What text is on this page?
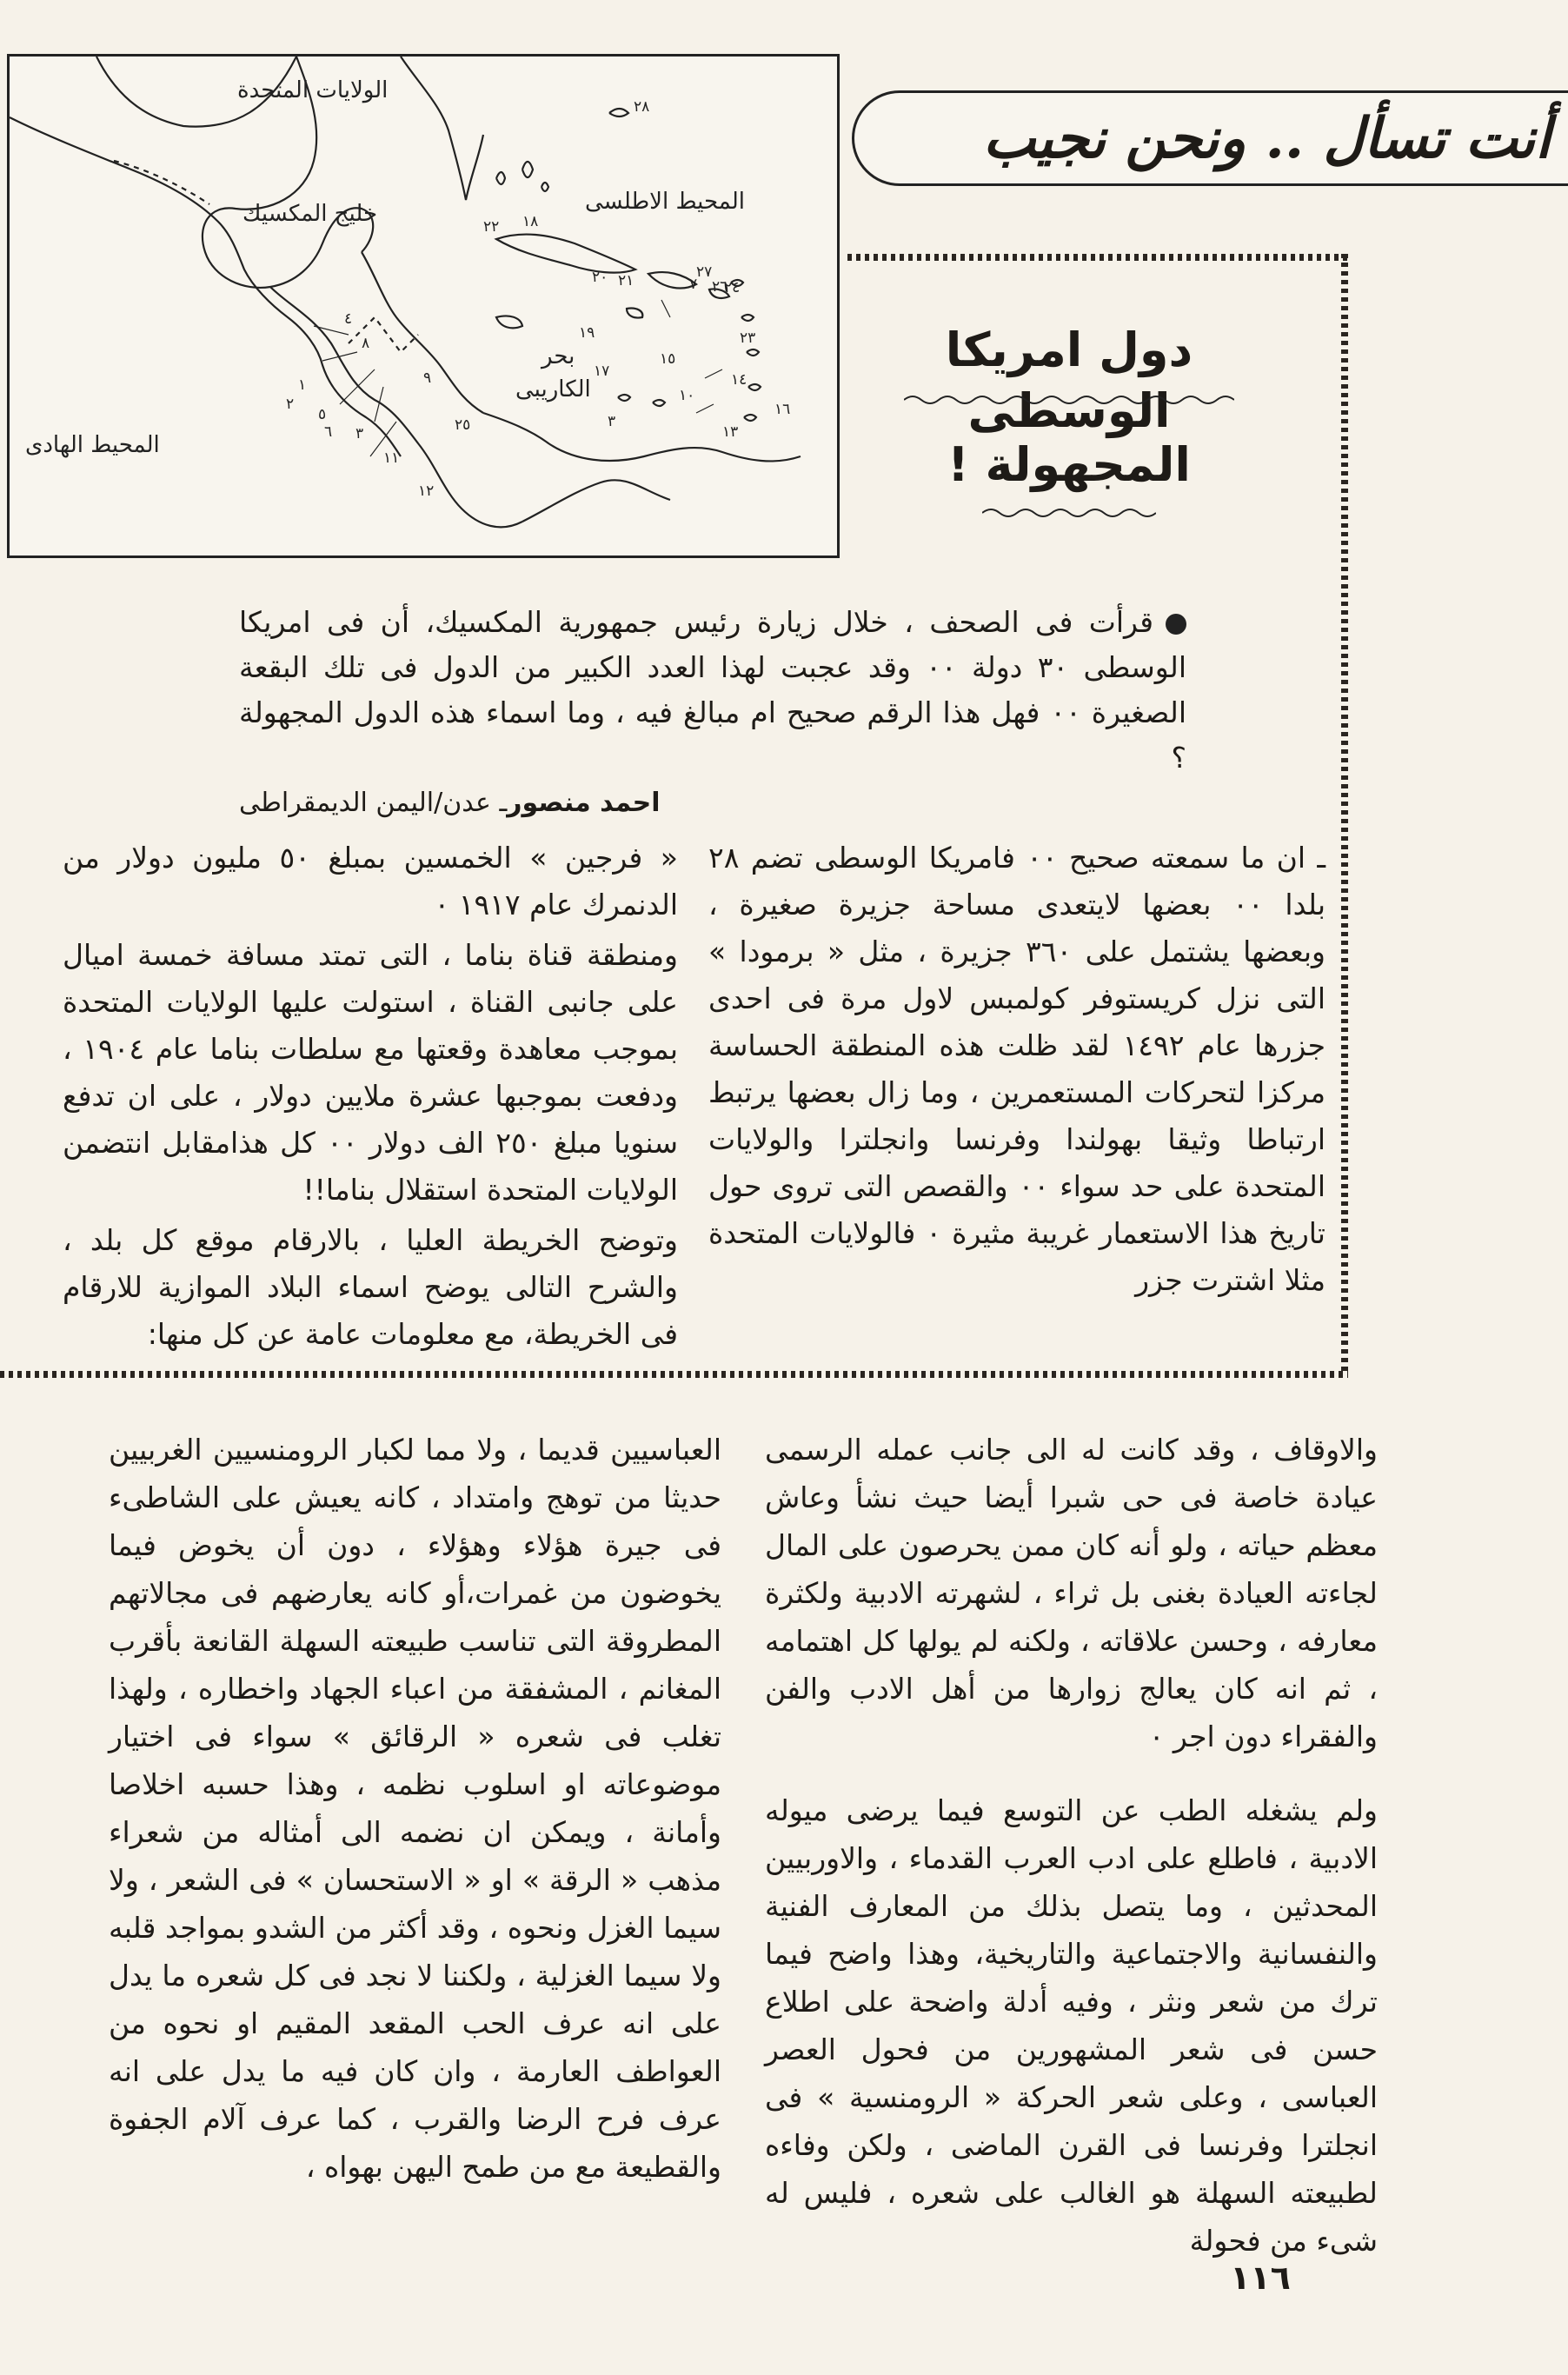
الولايات المتحدة
خليج المكسيك	المحيط الاطلسى
بحر
الكاريبى
المحيط الهادى
٢٨
١٨
٢٢
٢٦
٢٧
٢٤
٢٠ ٢١
٢٣
١٩
١٥
١٤
١٠
٨
٧
٤
١
٢
٥
٦
٩
٣
١٧
٢٥	٣
١٢
١١
١٣
١٦
أنت تسأل .. ونحن نجيب
دول امريكا الوسطى
المجهولة !

قرأت فى الصحف ، خلال زيارة رئيس جمهورية المكسيك، أن فى امريكا الوسطى ٣٠ دولة ٠٠ وقد عجبت لهذا العدد الكبير من الدول فى تلك البقعة الصغيرة ٠٠ فهل هذا الرقم صحيح ام مبالغ فيه ، وما اسماء هذه الدول المجهولة ؟

احمد منصورـ عدن/اليمن الديمقراطى

ـ ان ما سمعته صحيح ٠٠ فامريكا الوسطى تضم ٢٨ بلدا ٠٠ بعضها لايتعدى مساحة جزيرة صغيرة ، وبعضها يشتمل على ٣٦٠ جزيرة ، مثل « برمودا » التى نزل كريستوفر كولمبس لاول مرة فى احدى جزرها عام ١٤٩٢ لقد ظلت هذه المنطقة الحساسة مركزا لتحركات المستعمرين ، وما زال بعضها يرتبط ارتباطا وثيقا بهولندا وفرنسا وانجلترا والولايات المتحدة على حد سواء ٠٠ والقصص التى تروى حول تاريخ هذا الاستعمار غريبة مثيرة ٠ فالولايات المتحدة مثلا اشترت جزر

« فرجين » الخمسين بمبلغ ٥٠ مليون دولار من الدنمرك عام ١٩١٧ ٠

ومنطقة قناة بناما ، التى تمتد مسافة خمسة اميال على جانبى القناة ، استولت عليها الولايات المتحدة بموجب معاهدة وقعتها مع سلطات بناما عام ١٩٠٤ ، ودفعت بموجبها عشرة ملايين دولار ، على ان تدفع سنويا مبلغ ٢٥٠ الف دولار ٠٠ كل هذامقابل انتضمن الولايات المتحدة استقلال بناما!!

وتوضح الخريطة العليا ، بالارقام موقع كل بلد ، والشرح التالى يوضح اسماء البلاد الموازية للارقام فى الخريطة، مع معلومات عامة عن كل منها:

والاوقاف ، وقد كانت له الى جانب عمله الرسمى عيادة خاصة فى حى شبرا أيضا حيث نشأ وعاش معظم حياته ، ولو أنه كان ممن يحرصون على المال لجاءته العيادة بغنى بل ثراء ، لشهرته الادبية ولكثرة معارفه ، وحسن علاقاته ، ولكنه لم يولها كل اهتمامه ، ثم انه كان يعالج زوارها من أهل الادب والفن والفقراء دون اجر ٠

ولم يشغله الطب عن التوسع فيما يرضى ميوله الادبية ، فاطلع على ادب العرب القدماء ، والاوربيين المحدثين ، وما يتصل بذلك من المعارف الفنية والنفسانية والاجتماعية والتاريخية، وهذا واضح فيما ترك من شعر ونثر ، وفيه أدلة واضحة على اطلاع حسن فى شعر المشهورين من فحول العصر العباسى ، وعلى شعر الحركة « الرومنسية » فى انجلترا وفرنسا فى القرن الماضى ، ولكن وفاءه لطبيعته السهلة هو الغالب على شعره ، فليس له شىء من فحولة

العباسيين قديما ، ولا مما لكبار الرومنسيين الغربيين حديثا من توهج وامتداد ، كانه يعيش على الشاطىء فى جيرة هؤلاء وهؤلاء ، دون أن يخوض فيما يخوضون من غمرات،أو كانه يعارضهم فى مجالاتهم المطروقة التى تناسب طبيعته السهلة القانعة بأقرب المغانم ، المشفقة من اعباء الجهاد واخطاره ، ولهذا تغلب فى شعره « الرقائق » سواء فى اختيار موضوعاته او اسلوب نظمه ، وهذا حسبه اخلاصا وأمانة ، ويمكن ان نضمه الى أمثاله من شعراء مذهب « الرقة » او « الاستحسان » فى الشعر ، ولا سيما الغزل ونحوه ، وقد أكثر من الشدو بمواجد قلبه ولا سيما الغزلية ، ولكننا لا نجد فى كل شعره ما يدل على انه عرف الحب المقعد المقيم او نحوه من العواطف العارمة ، وان كان فيه ما يدل على انه عرف فرح الرضا والقرب ، كما عرف آلام الجفوة والقطيعة مع من طمح اليهن بهواه ،

١١٦
